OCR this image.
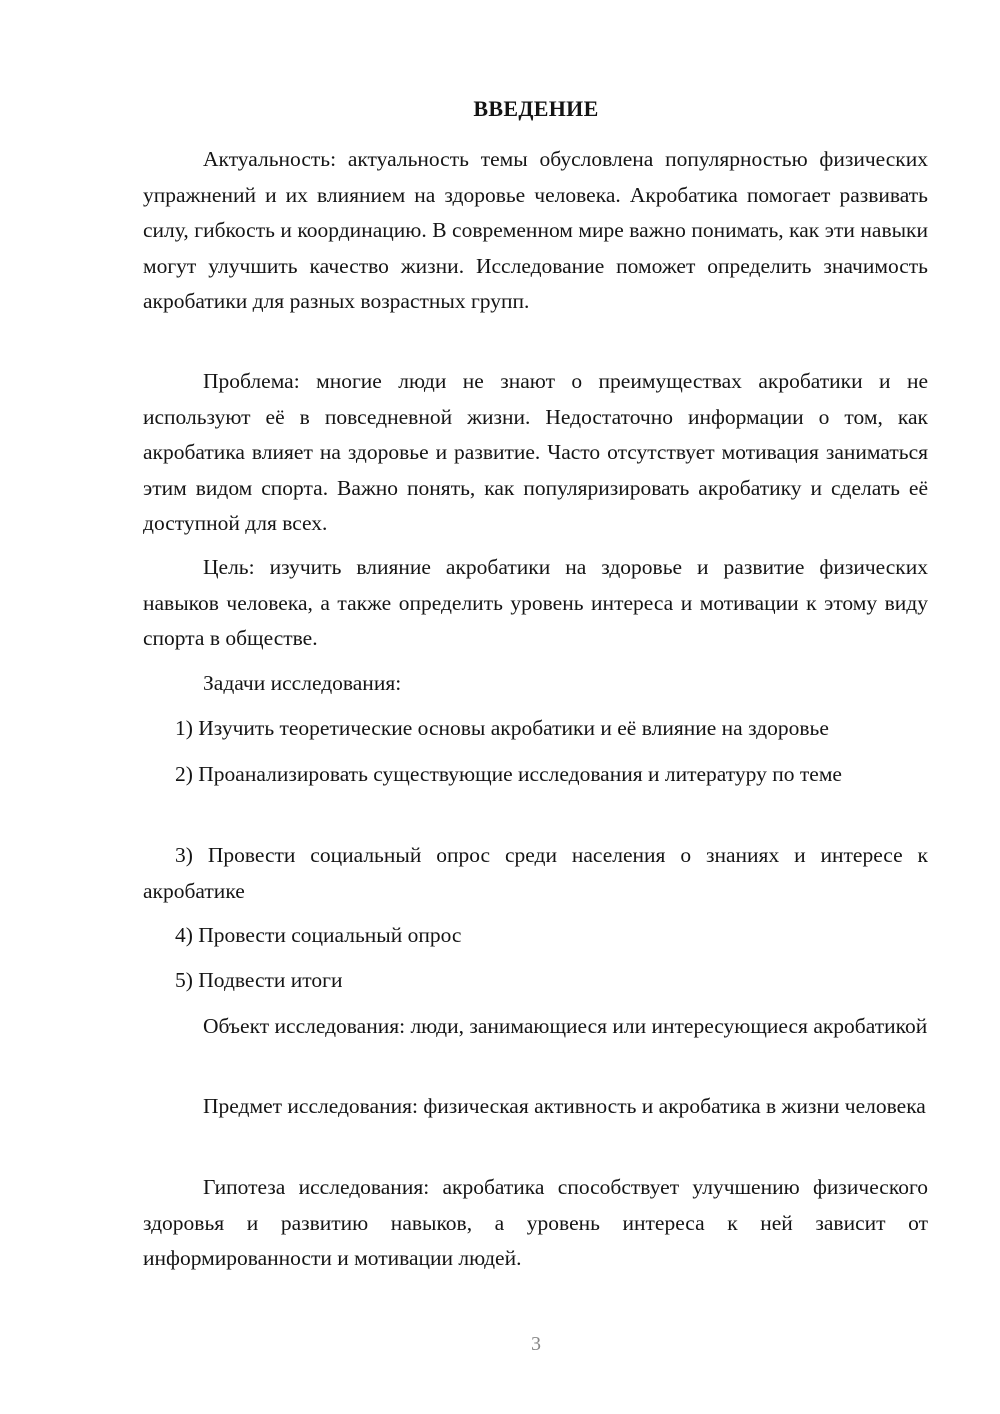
ВВЕДЕНИЕ

Актуальность: актуальность темы обусловлена популярностью физических упражнений и их влиянием на здоровье человека. Акробатика помогает развивать силу, гибкость и координацию. В современном мире важно понимать, как эти навыки могут улучшить качество жизни. Исследование поможет определить значимость акробатики для разных возрастных групп.

Проблема: многие люди не знают о преимуществах акробатики и не используют её в повседневной жизни. Недостаточно информации о том, как акробатика влияет на здоровье и развитие. Часто отсутствует мотивация заниматься этим видом спорта. Важно понять, как популяризировать акробатику и сделать её доступной для всех.

Цель: изучить влияние акробатики на здоровье и развитие физических навыков человека, а также определить уровень интереса и мотивации к этому виду спорта в обществе.

Задачи исследования:

1) Изучить теоретические основы акробатики и её влияние на здоровье

2) Проанализировать существующие исследования и литературу по теме

3) Провести социальный опрос среди населения о знаниях и интересе к акробатике

4) Провести социальный опрос

5) Подвести итоги

Объект исследования: люди, занимающиеся или интересующиеся акробатикой

Предмет исследования: физическая активность и акробатика в жизни человека

Гипотеза исследования: акробатика способствует улучшению физического здоровья и развитию навыков, а уровень интереса к ней зависит от информированности и мотивации людей.

3
